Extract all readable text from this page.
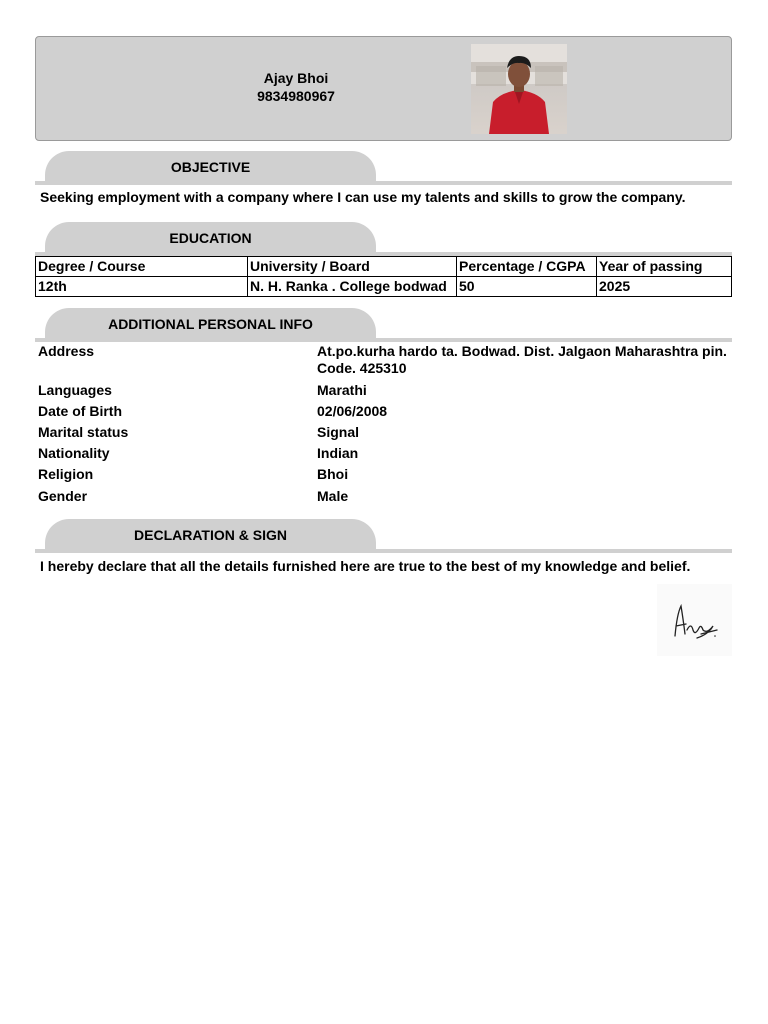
Ajay Bhoi
9834980967
OBJECTIVE
Seeking employment with a company where I can use my talents and skills to grow the company.
EDUCATION
Degree / Course	University / Board	Percentage / CGPA	Year of passing
12th	N. H. Ranka . College bodwad	50	2025
ADDITIONAL PERSONAL INFO
Address	At.po.kurha hardo ta. Bodwad. Dist. Jalgaon Maharashtra pin. Code. 425310
Languages	Marathi
Date of Birth	02/06/2008
Marital status	Signal
Nationality	Indian
Religion	Bhoi
Gender	Male
DECLARATION & SIGN
I hereby declare that all the details furnished here are true to the best of my knowledge and belief.
